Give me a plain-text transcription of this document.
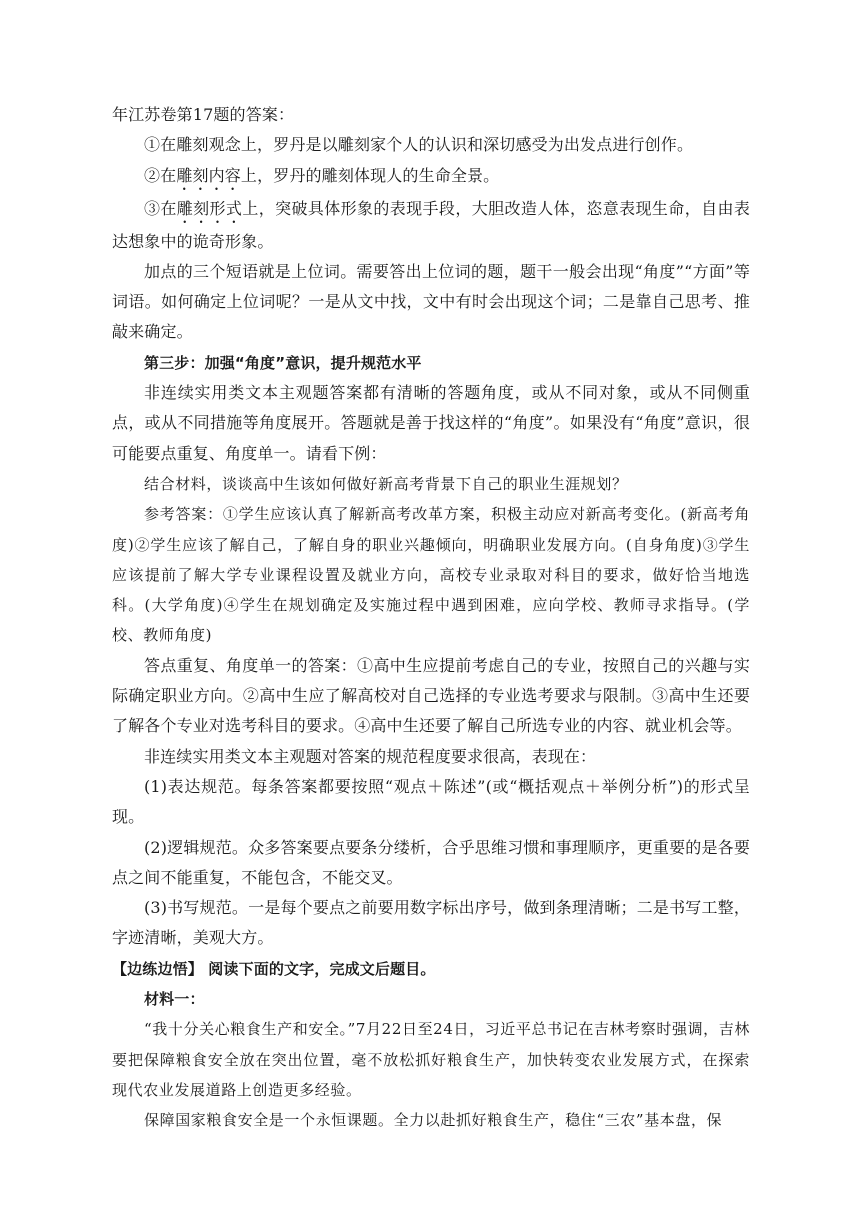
年江苏卷第17题的答案：

①在雕刻观念上，罗丹是以雕刻家个人的认识和深切感受为出发点进行创作。

②在雕刻内容上，罗丹的雕刻体现人的生命全景。

③在雕刻形式上，突破具体形象的表现手段，大胆改造人体，恣意表现生命，自由表达想象中的诡奇形象。

加点的三个短语就是上位词。需要答出上位词的题，题干一般会出现“角度”“方面”等词语。如何确定上位词呢？一是从文中找，文中有时会出现这个词；二是靠自己思考、推敲来确定。

第三步：加强“角度”意识，提升规范水平

非连续实用类文本主观题答案都有清晰的答题角度，或从不同对象，或从不同侧重点，或从不同措施等角度展开。答题就是善于找这样的“角度”。如果没有“角度”意识，很可能要点重复、角度单一。请看下例：

结合材料，谈谈高中生该如何做好新高考背景下自己的职业生涯规划？

参考答案：①学生应该认真了解新高考改革方案，积极主动应对新高考变化。(新高考角度)②学生应该了解自己，了解自身的职业兴趣倾向，明确职业发展方向。(自身角度)③学生应该提前了解大学专业课程设置及就业方向，高校专业录取对科目的要求，做好恰当地选科。(大学角度)④学生在规划确定及实施过程中遇到困难，应向学校、教师寻求指导。(学校、教师角度)

答点重复、角度单一的答案：①高中生应提前考虑自己的专业，按照自己的兴趣与实际确定职业方向。②高中生应了解高校对自己选择的专业选考要求与限制。③高中生还要了解各个专业对选考科目的要求。④高中生还要了解自己所选专业的内容、就业机会等。

非连续实用类文本主观题对答案的规范程度要求很高，表现在：

(1)表达规范。每条答案都要按照“观点＋陈述”(或“概括观点＋举例分析”)的形式呈现。

(2)逻辑规范。众多答案要点要条分缕析，合乎思维习惯和事理顺序，更重要的是各要点之间不能重复，不能包含，不能交叉。

(3)书写规范。一是每个要点之前要用数字标出序号，做到条理清晰；二是书写工整，字迹清晰，美观大方。

【边练边悟】 阅读下面的文字，完成文后题目。

材料一：

“我十分关心粮食生产和安全。”7月22日至24日，习近平总书记在吉林考察时强调，吉林要把保障粮食安全放在突出位置，毫不放松抓好粮食生产，加快转变农业发展方式，在探索现代农业发展道路上创造更多经验。

保障国家粮食安全是一个永恒课题。全力以赴抓好粮食生产，稳住“三农”基本盘，保
